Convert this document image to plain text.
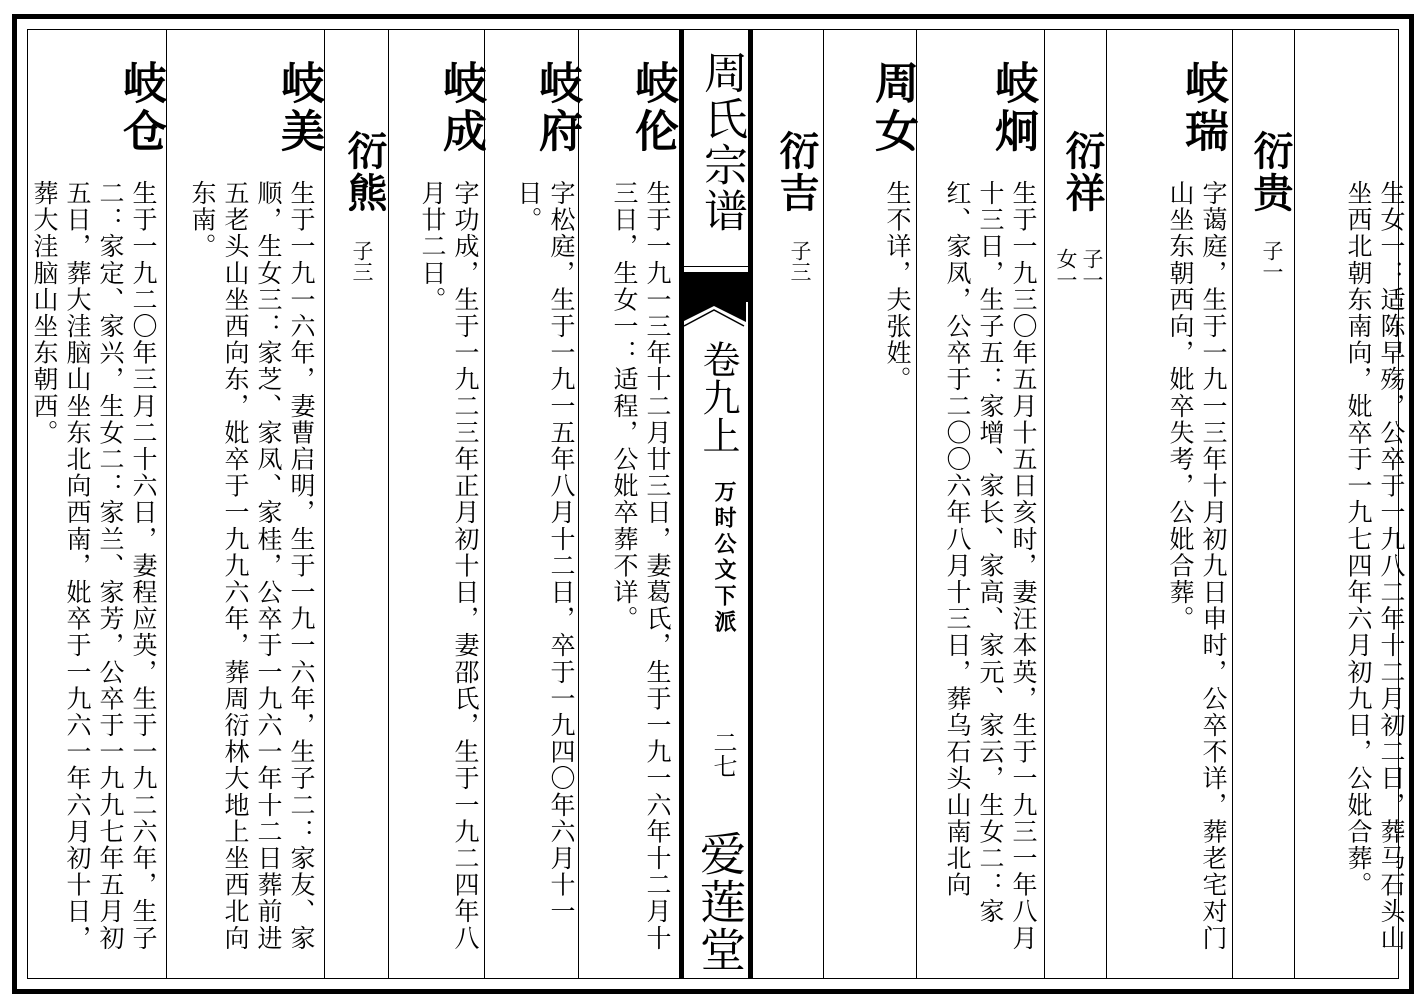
生女一：适陈早殇，公卒于一九八二年十二月初二日，葬马石头山坐西北朝东南向，妣卒于一九七四年六月初九日，公妣合葬。
衍贵
子一
岐瑞
字蔼庭，生于一九一三年十月初九日申时，公卒不详，葬老宅对门山坐东朝西向，妣卒失考，公妣合葬。
衍祥
子一
女一
岐炯
生于一九三〇年五月十五日亥时，妻汪本英，生于一九三一年八月十三日，生子五：家增、家长、家高、家元、家云，生女二：家红、家凤，公卒于二〇〇六年八月十三日，葬乌石头山南北向
周女
生不详，夫张姓。
衍吉
子三
周氏宗谱
卷九上
万时公文下派
二七
爱莲堂
岐伦
生于一九一三年十二月廿三日，妻葛氏，生于一九一六年十二月十三日，生女一：适程，公妣卒葬不详。
岐府
字松庭，生于一九一五年八月十二日，卒于一九四〇年六月十一日。
岐成
字功成，生于一九二三年正月初十日，妻邵氏，生于一九二四年八月廿二日。
衍熊
子三
岐美
生于一九一六年，妻曹启明，生于一九一六年，生子二：家友、家顺，生女三：家芝、家凤、家桂，公卒于一九六一年十二日葬前进五老头山坐西向东，妣卒于一九九六年，葬周衍林大地上坐西北向东南。
岐仓
生于一九二〇年三月二十六日，妻程应英，生于一九二六年，生子二：家定、家兴，生女二：家兰、家芳，公卒于一九九七年五月初五日，葬大洼脑山坐东北向西南，妣卒于一九六一年六月初十日，葬大洼脑山坐东朝西。
